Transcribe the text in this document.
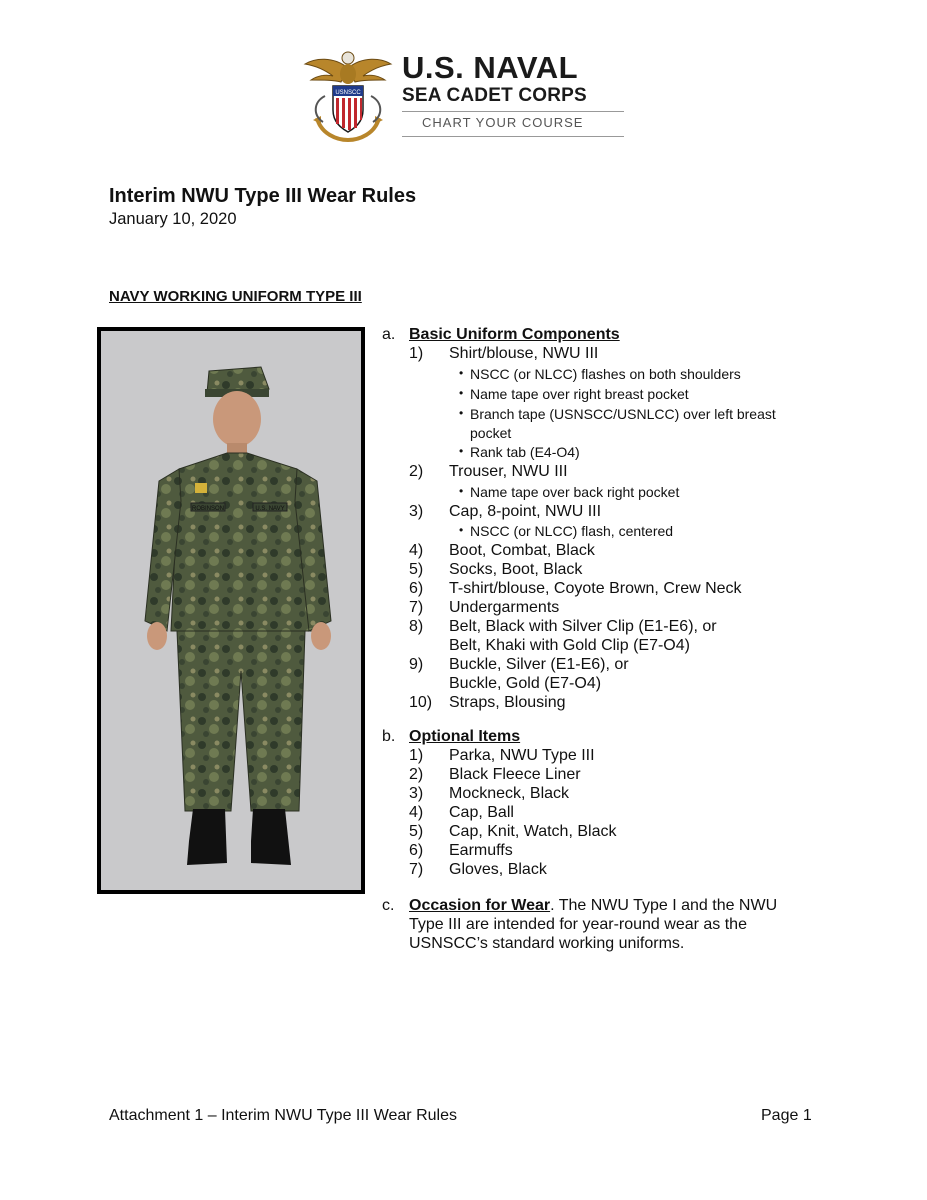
USNSCC
U.S. NAVAL
SEA CADET CORPS
CHART YOUR COURSE
Interim NWU Type III Wear Rules
January 10, 2020
NAVY WORKING UNIFORM TYPE III
ROBINSON	U.S. NAVY
a. Basic Uniform Components
1) Shirt/blouse, NWU III
• NSCC (or NLCC) flashes on both shoulders
• Name tape over right breast pocket
• Branch tape (USNSCC/USNLCC) over left breast
pocket
• Rank tab (E4-O4)
2) Trouser, NWU III
• Name tape over back right pocket
3) Cap, 8-point, NWU III
• NSCC (or NLCC) flash, centered
4) Boot, Combat, Black
5) Socks, Boot, Black
6) T-shirt/blouse, Coyote Brown, Crew Neck
7) Undergarments
8) Belt, Black with Silver Clip (E1-E6), or
Belt, Khaki with Gold Clip (E7-O4)
9) Buckle, Silver (E1-E6), or
Buckle, Gold (E7-O4)
10) Straps, Blousing
b. Optional Items
1) Parka, NWU Type III
2) Black Fleece Liner
3) Mockneck, Black
4) Cap, Ball
5) Cap, Knit, Watch, Black
6) Earmuffs
7) Gloves, Black
c. Occasion for Wear. The NWU Type I and the NWU
Type III are intended for year-round wear as the
USNSCC’s standard working uniforms.
Attachment 1 – Interim NWU Type III Wear Rules	Page 1
